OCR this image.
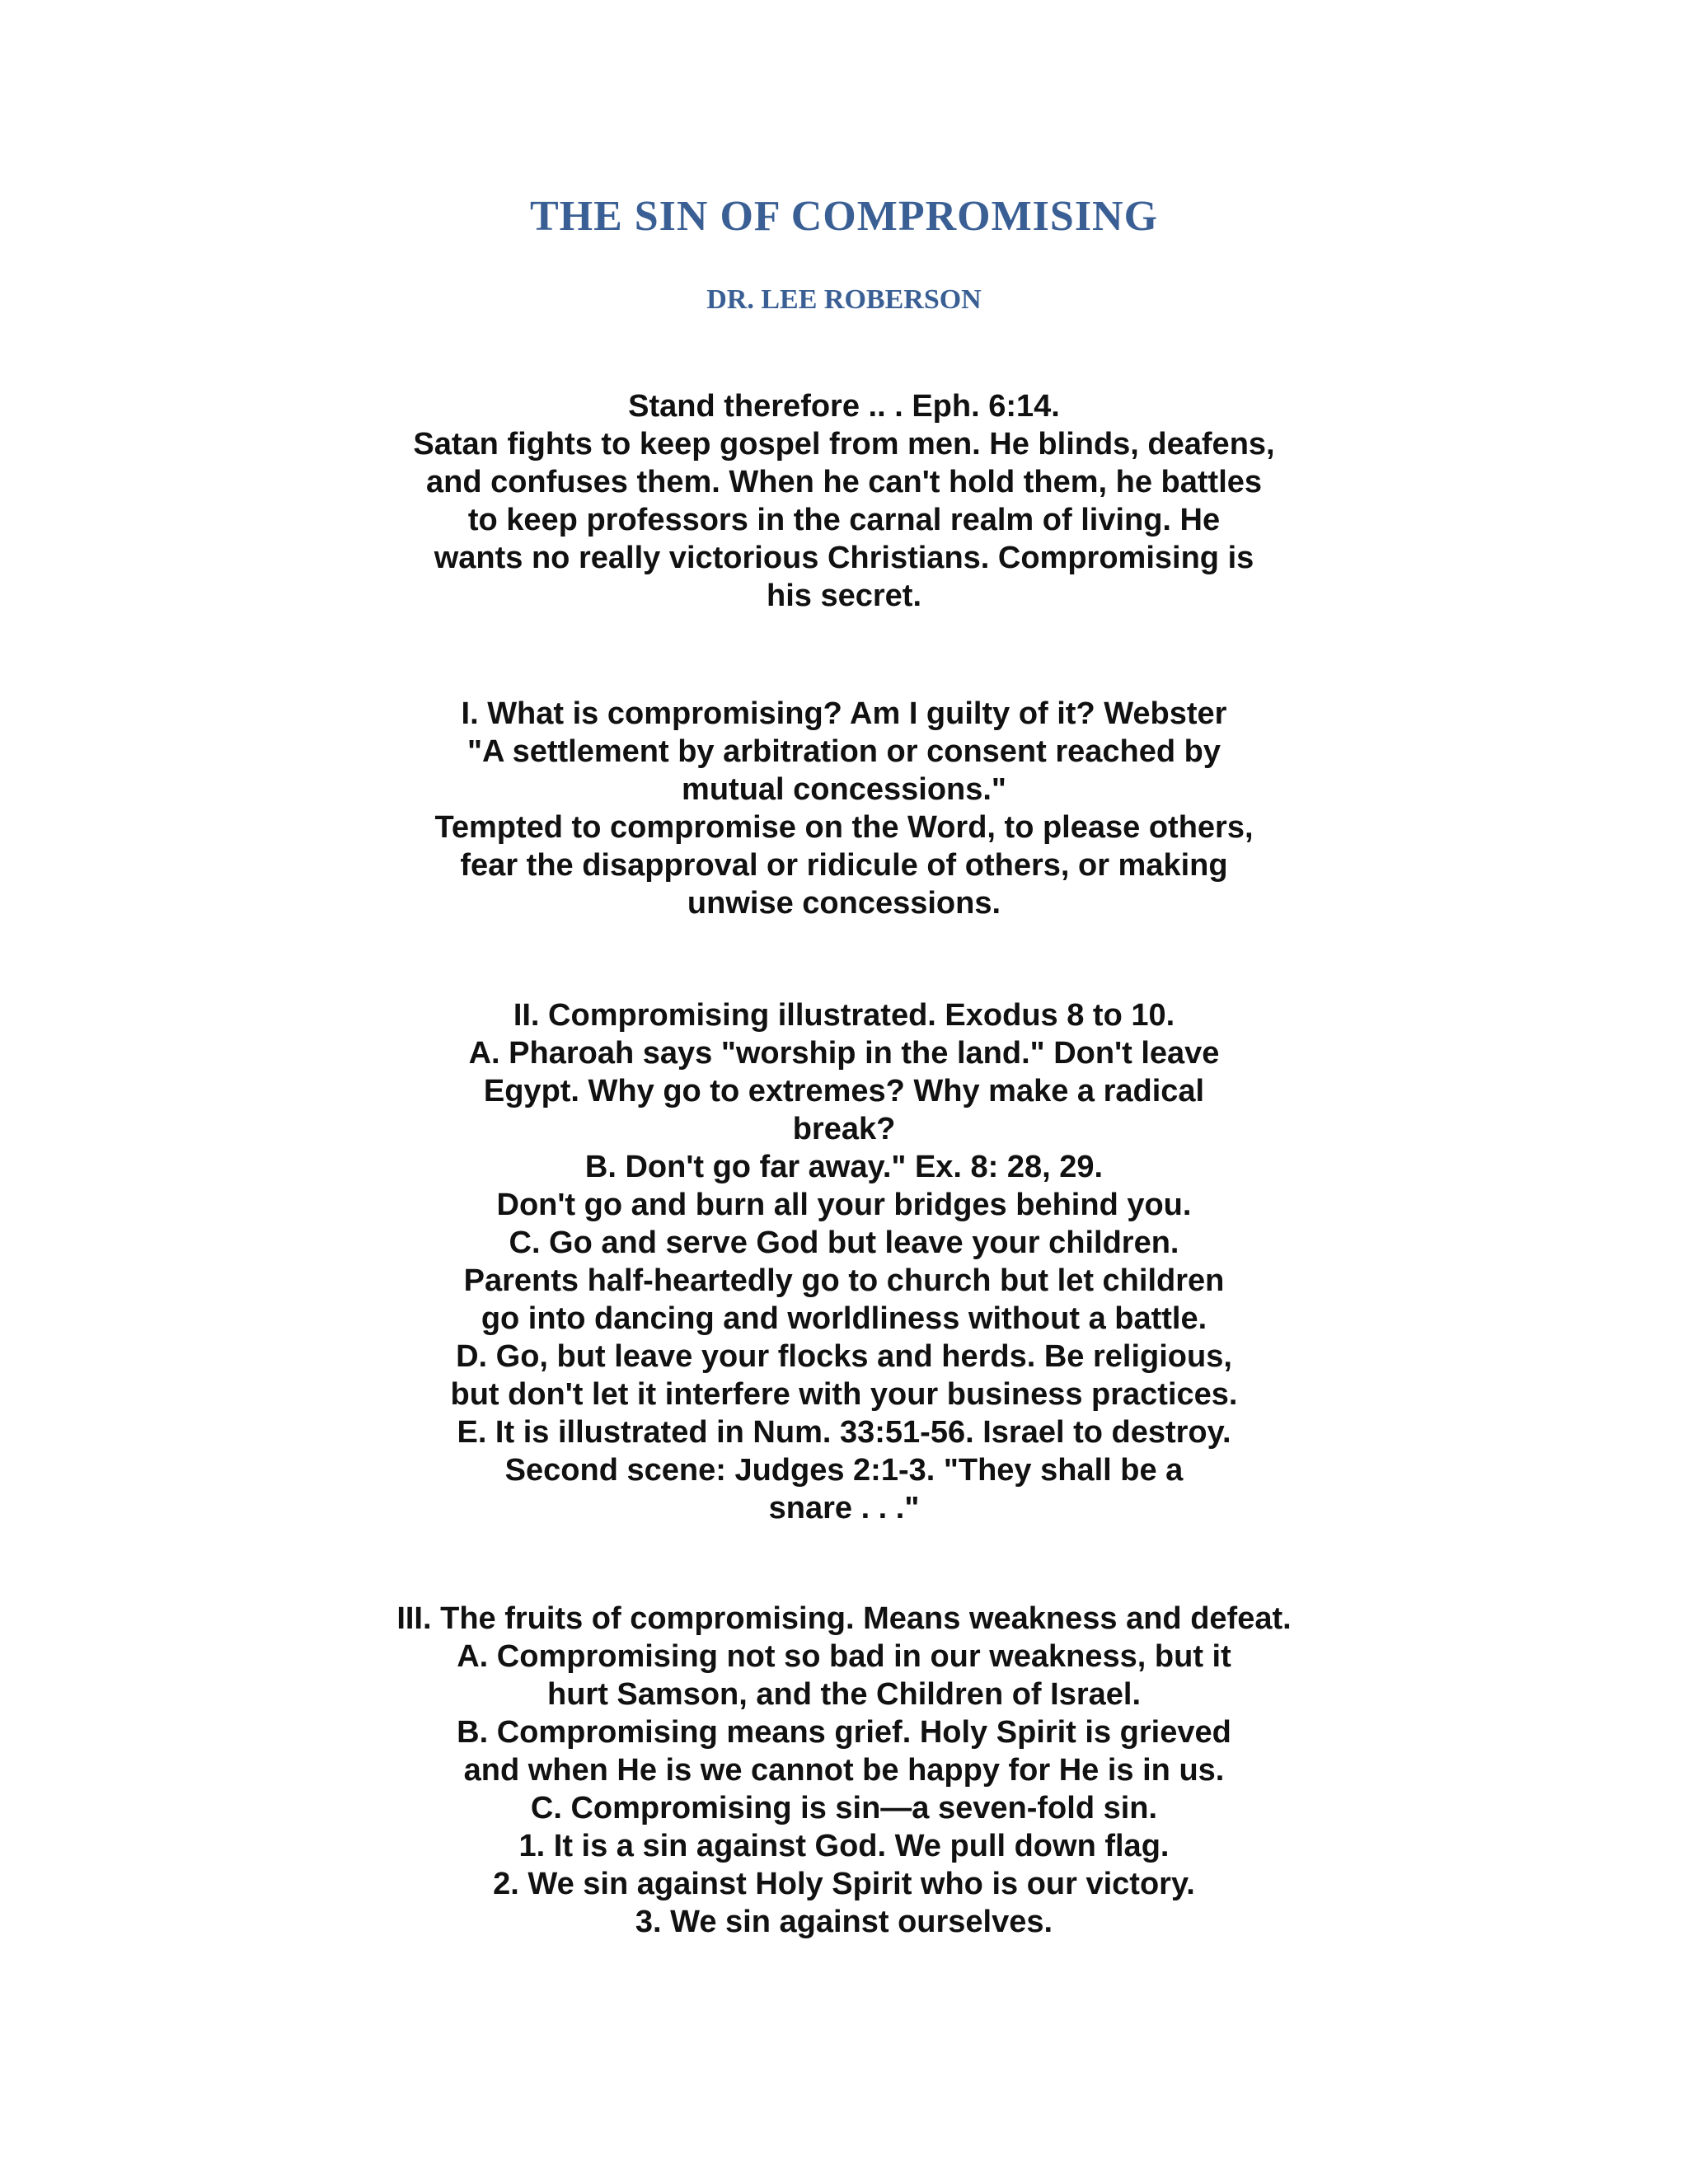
THE SIN OF COMPROMISING
DR. LEE ROBERSON
Stand therefore .. . Eph. 6:14.
Satan fights to keep gospel from men. He blinds, deafens,
and confuses them. When he can't hold them, he battles
to keep professors in the carnal realm of living. He
wants no really victorious Christians. Compromising is
his secret.
I. What is compromising? Am I guilty of it? Webster
"A settlement by arbitration or consent reached by
mutual concessions."
Tempted to compromise on the Word, to please others,
fear the disapproval or ridicule of others, or making
unwise concessions.
II. Compromising illustrated. Exodus 8 to 10.
A. Pharoah says "worship in the land." Don't leave
Egypt. Why go to extremes? Why make a radical
break?
B. Don't go far away." Ex. 8: 28, 29.
Don't go and burn all your bridges behind you.
C. Go and serve God but leave your children.
Parents half-heartedly go to church but let children
go into dancing and worldliness without a battle.
D. Go, but leave your flocks and herds. Be religious,
but don't let it interfere with your business practices.
E. It is illustrated in Num. 33:51-56. Israel to destroy.
Second scene: Judges 2:1-3. "They shall be a
snare . . ."
III. The fruits of compromising. Means weakness and defeat.
A. Compromising not so bad in our weakness, but it
hurt Samson, and the Children of Israel.
B. Compromising means grief. Holy Spirit is grieved
and when He is we cannot be happy for He is in us.
C. Compromising is sin—a seven-fold sin.
1. It is a sin against God. We pull down flag.
2. We sin against Holy Spirit who is our victory.
3. We sin against ourselves.
